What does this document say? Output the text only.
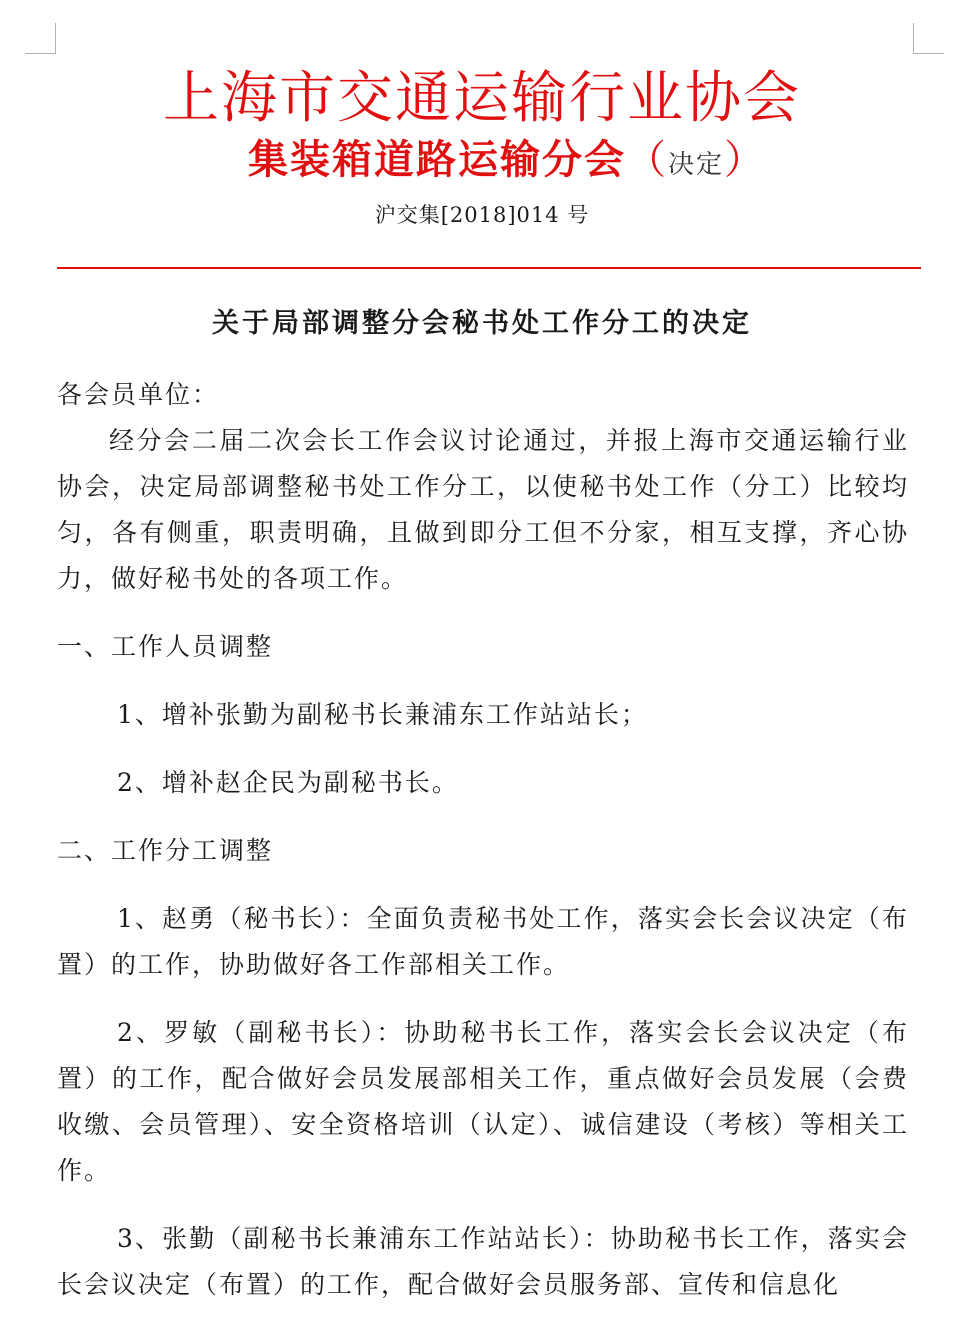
上海市交通运输行业协会
集装箱道路运输分会（决定）
沪交集[2018]014 号
关于局部调整分会秘书处工作分工的决定
各会员单位：
经分会二届二次会长工作会议讨论通过，并报上海市交通运输行业协会，决定局部调整秘书处工作分工，以使秘书处工作（分工）比较均匀，各有侧重，职责明确，且做到即分工但不分家，相互支撑，齐心协力，做好秘书处的各项工作。
一、工作人员调整
1、增补张勤为副秘书长兼浦东工作站站长；
2、增补赵企民为副秘书长。
二、工作分工调整
1、赵勇（秘书长）：全面负责秘书处工作，落实会长会议决定（布置）的工作，协助做好各工作部相关工作。
2、罗敏（副秘书长）：协助秘书长工作，落实会长会议决定（布置）的工作，配合做好会员发展部相关工作，重点做好会员发展（会费收缴、会员管理）、安全资格培训（认定）、诚信建设（考核）等相关工作。
3、张勤（副秘书长兼浦东工作站站长）：协助秘书长工作，落实会长会议决定（布置）的工作，配合做好会员服务部、宣传和信息化
